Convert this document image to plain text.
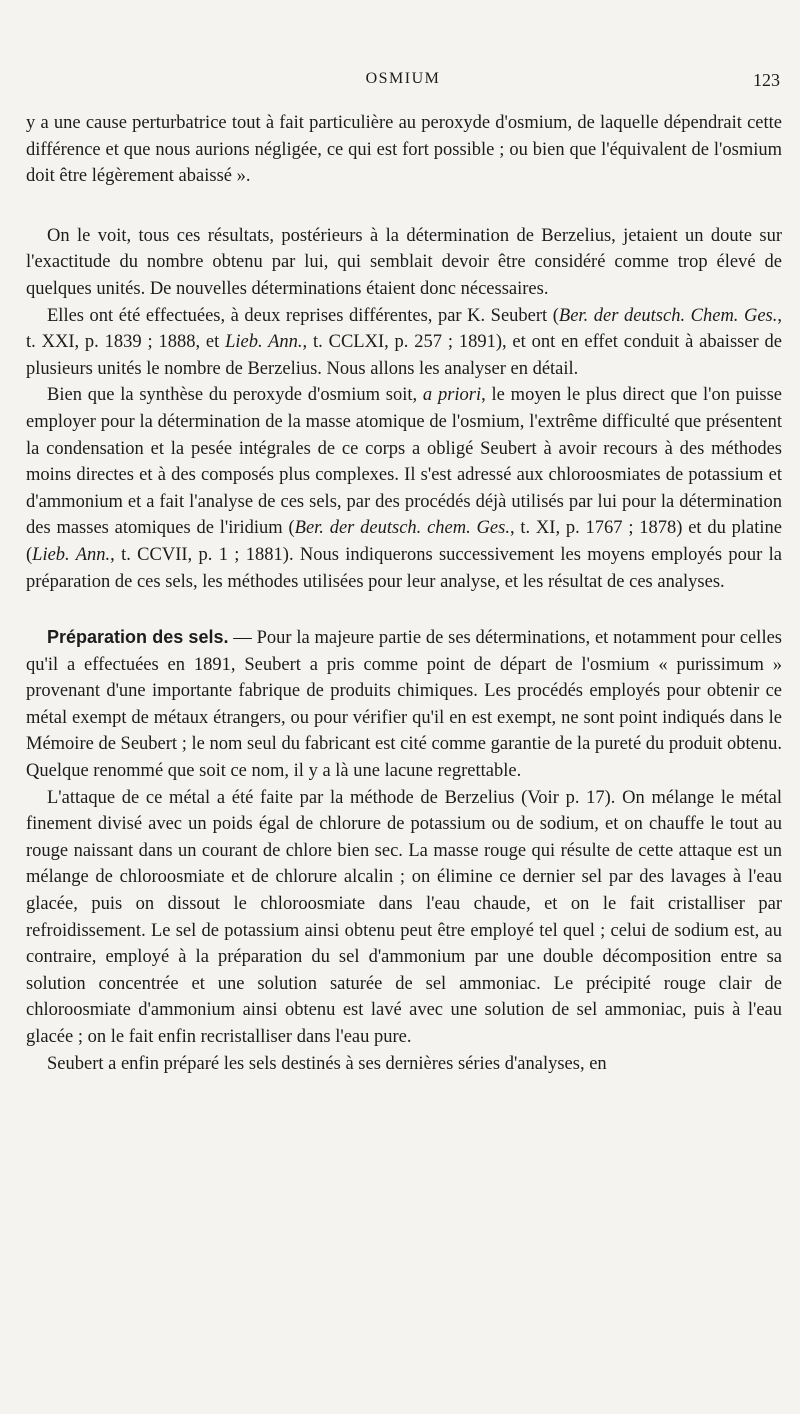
OSMIUM	123

y a une cause perturbatrice tout à fait particulière au peroxyde d'osmium, de laquelle dépendrait cette différence et que nous aurions négligée, ce qui est fort possible ; ou bien que l'équivalent de l'osmium doit être légèrement abaissé ».

On le voit, tous ces résultats, postérieurs à la détermination de Berzelius, jetaient un doute sur l'exactitude du nombre obtenu par lui, qui semblait devoir être considéré comme trop élevé de quelques unités. De nouvelles déterminations étaient donc nécessaires.

Elles ont été effectuées, à deux reprises différentes, par K. Seubert (Ber. der deutsch. Chem. Ges., t. XXI, p. 1839 ; 1888, et Lieb. Ann., t. CCLXI, p. 257 ; 1891), et ont en effet conduit à abaisser de plusieurs unités le nombre de Berzelius. Nous allons les analyser en détail.

Bien que la synthèse du peroxyde d'osmium soit, a priori, le moyen le plus direct que l'on puisse employer pour la détermination de la masse atomique de l'osmium, l'extrême difficulté que présentent la condensation et la pesée intégrales de ce corps a obligé Seubert à avoir recours à des méthodes moins directes et à des composés plus complexes. Il s'est adressé aux chloroosmiates de potassium et d'ammonium et a fait l'analyse de ces sels, par des procédés déjà utilisés par lui pour la détermination des masses atomiques de l'iridium (Ber. der deutsch. chem. Ges., t. XI, p. 1767 ; 1878) et du platine (Lieb. Ann., t. CCVII, p. 1 ; 1881). Nous indiquerons successivement les moyens employés pour la préparation de ces sels, les méthodes utilisées pour leur analyse, et les résultat de ces analyses.

Préparation des sels. — Pour la majeure partie de ses déterminations, et notamment pour celles qu'il a effectuées en 1891, Seubert a pris comme point de départ de l'osmium « purissimum » provenant d'une importante fabrique de produits chimiques. Les procédés employés pour obtenir ce métal exempt de métaux étrangers, ou pour vérifier qu'il en est exempt, ne sont point indiqués dans le Mémoire de Seubert ; le nom seul du fabricant est cité comme garantie de la pureté du produit obtenu. Quelque renommé que soit ce nom, il y a là une lacune regrettable.

L'attaque de ce métal a été faite par la méthode de Berzelius (Voir p. 17). On mélange le métal finement divisé avec un poids égal de chlorure de potassium ou de sodium, et on chauffe le tout au rouge naissant dans un courant de chlore bien sec. La masse rouge qui résulte de cette attaque est un mélange de chloroosmiate et de chlorure alcalin ; on élimine ce dernier sel par des lavages à l'eau glacée, puis on dissout le chloroosmiate dans l'eau chaude, et on le fait cristalliser par refroidissement. Le sel de potassium ainsi obtenu peut être employé tel quel ; celui de sodium est, au contraire, employé à la préparation du sel d'ammonium par une double décomposition entre sa solution concentrée et une solution saturée de sel ammoniac. Le précipité rouge clair de chloroosmiate d'ammonium ainsi obtenu est lavé avec une solution de sel ammoniac, puis à l'eau glacée ; on le fait enfin recristalliser dans l'eau pure.

Seubert a enfin préparé les sels destinés à ses dernières séries d'analyses, en
